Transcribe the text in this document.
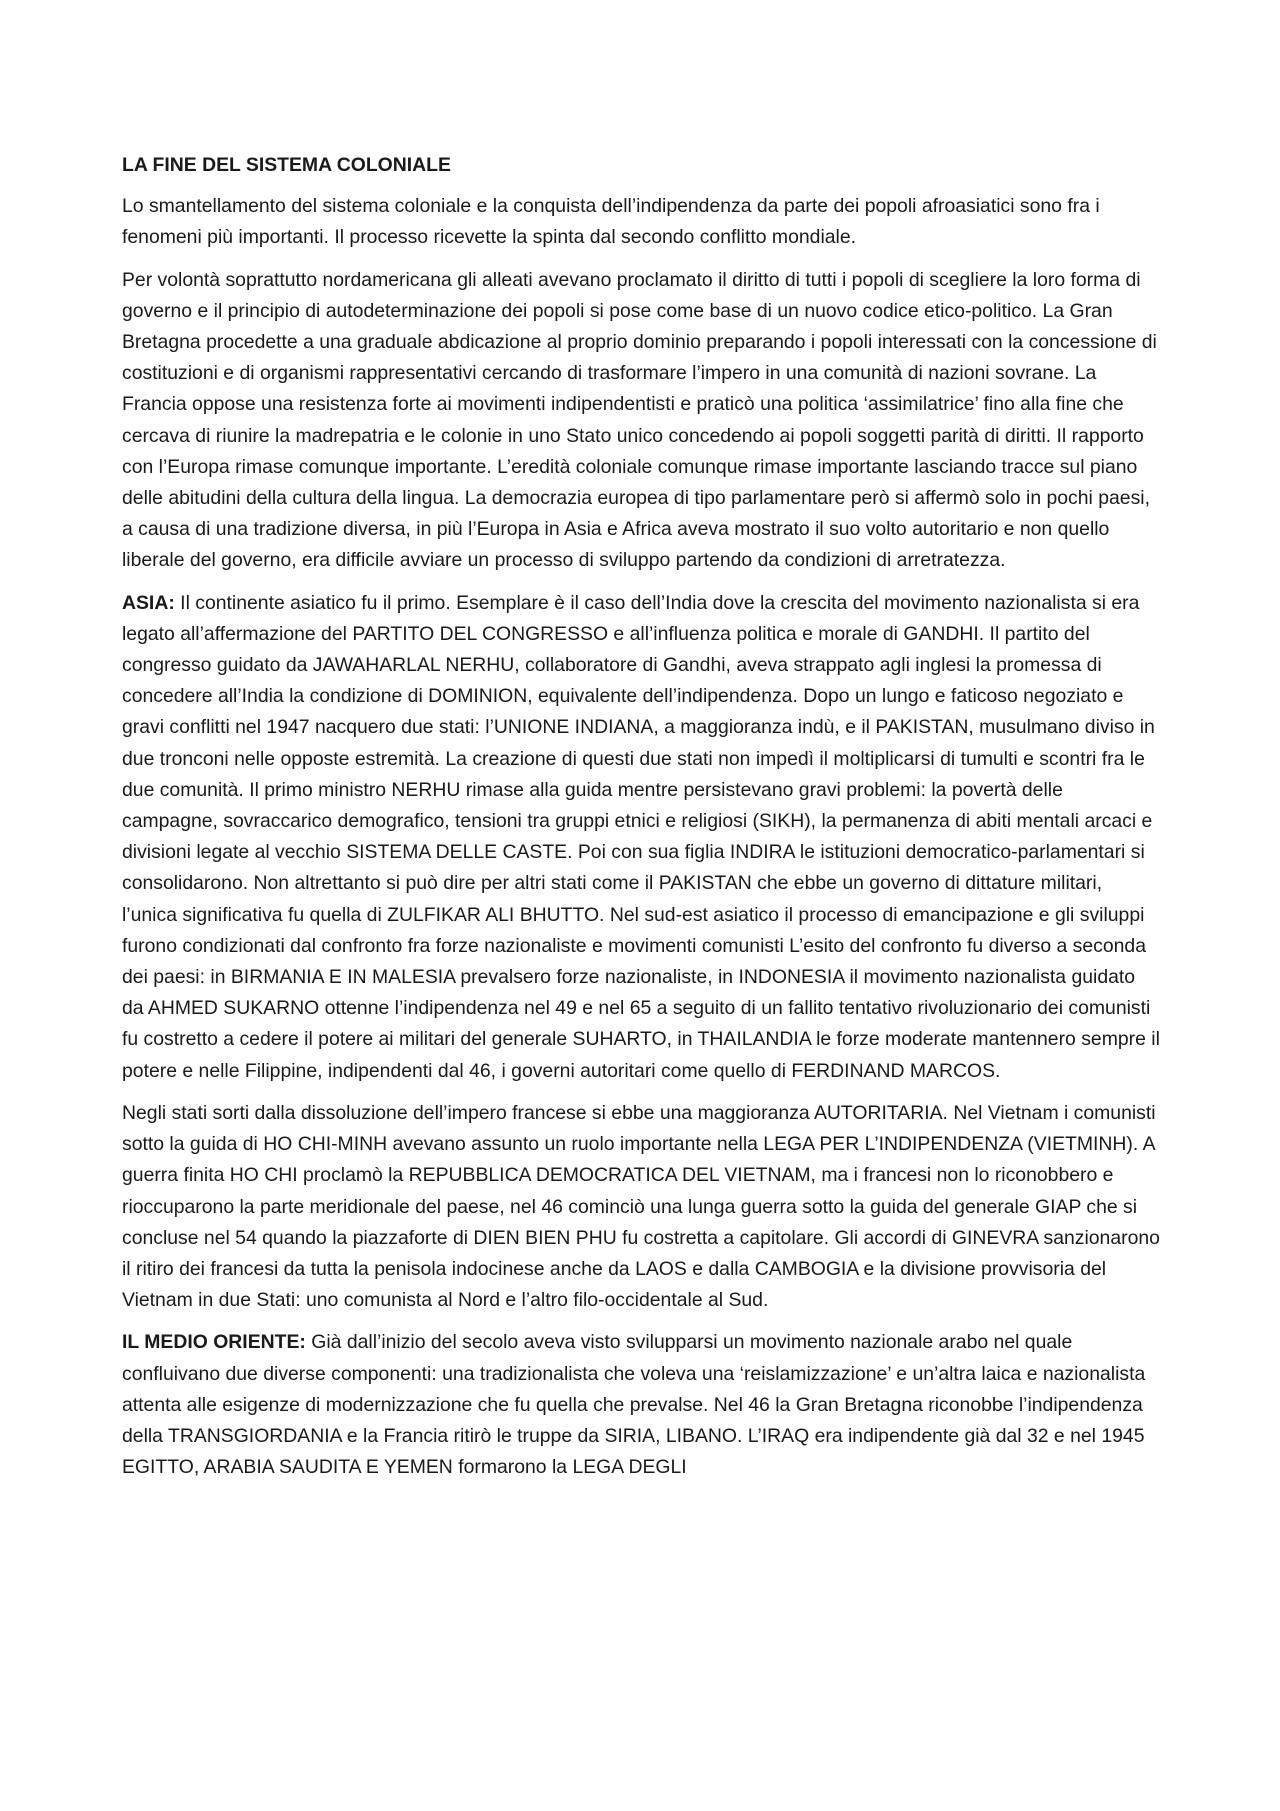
LA FINE DEL SISTEMA COLONIALE

Lo smantellamento del sistema coloniale e la conquista dell’indipendenza da parte dei popoli afroasiatici sono fra i fenomeni più importanti. Il processo ricevette la spinta dal secondo conflitto mondiale.

Per volontà soprattutto nordamericana gli alleati avevano proclamato il diritto di tutti i popoli di scegliere la loro forma di governo e il principio di autodeterminazione dei popoli si pose come base di un nuovo codice etico-politico. La Gran Bretagna procedette a una graduale abdicazione al proprio dominio preparando i popoli interessati con la concessione di costituzioni e di organismi rappresentativi cercando di trasformare l’impero in una comunità di nazioni sovrane. La Francia oppose una resistenza forte ai movimenti indipendentisti e praticò una politica ‘assimilatrice’ fino alla fine che cercava di riunire la madrepatria e le colonie in uno Stato unico concedendo ai popoli soggetti parità di diritti. Il rapporto con l’Europa rimase comunque importante. L’eredità coloniale comunque rimase importante lasciando tracce sul piano delle abitudini della cultura della lingua. La democrazia europea di tipo parlamentare però si affermò solo in pochi paesi, a causa di una tradizione diversa, in più l’Europa in Asia e Africa aveva mostrato il suo volto autoritario e non quello liberale del governo, era difficile avviare un processo di sviluppo partendo da condizioni di arretratezza.

ASIA: Il continente asiatico fu il primo. Esemplare è il caso dell’India dove la crescita del movimento nazionalista si era legato all’affermazione del PARTITO DEL CONGRESSO e all’influenza politica e morale di GANDHI. Il partito del congresso guidato da JAWAHARLAL NERHU, collaboratore di Gandhi, aveva strappato agli inglesi la promessa di concedere all’India la condizione di DOMINION, equivalente dell’indipendenza. Dopo un lungo e faticoso negoziato e gravi conflitti nel 1947 nacquero due stati: l’UNIONE INDIANA, a maggioranza indù, e il PAKISTAN, musulmano diviso in due tronconi nelle opposte estremità. La creazione di questi due stati non impedì il moltiplicarsi di tumulti e scontri fra le due comunità. Il primo ministro NERHU rimase alla guida mentre persistevano gravi problemi: la povertà delle campagne, sovraccarico demografico, tensioni tra gruppi etnici e religiosi (SIKH), la permanenza di abiti mentali arcaci e divisioni legate al vecchio SISTEMA DELLE CASTE. Poi con sua figlia INDIRA le istituzioni democratico-parlamentari si consolidarono. Non altrettanto si può dire per altri stati come il PAKISTAN che ebbe un governo di dittature militari, l’unica significativa fu quella di ZULFIKAR ALI BHUTTO. Nel sud-est asiatico il processo di emancipazione e gli sviluppi furono condizionati dal confronto fra forze nazionaliste e movimenti comunisti L’esito del confronto fu diverso a seconda dei paesi: in BIRMANIA E IN MALESIA prevalsero forze nazionaliste, in INDONESIA il movimento nazionalista guidato da AHMED SUKARNO ottenne l’indipendenza nel 49 e nel 65 a seguito di un fallito tentativo rivoluzionario dei comunisti fu costretto a cedere il potere ai militari del generale SUHARTO, in THAILANDIA le forze moderate mantennero sempre il potere e nelle Filippine, indipendenti dal 46, i governi autoritari come quello di FERDINAND MARCOS.

Negli stati sorti dalla dissoluzione dell’impero francese si ebbe una maggioranza AUTORITARIA. Nel Vietnam i comunisti sotto la guida di HO CHI-MINH avevano assunto un ruolo importante nella LEGA PER L’INDIPENDENZA (VIETMINH). A guerra finita HO CHI proclamò la REPUBBLICA DEMOCRATICA DEL VIETNAM, ma i francesi non lo riconobbero e rioccuparono la parte meridionale del paese, nel 46 cominciò una lunga guerra sotto la guida del generale GIAP che si concluse nel 54 quando la piazzaforte di DIEN BIEN PHU fu costretta a capitolare. Gli accordi di GINEVRA sanzionarono il ritiro dei francesi da tutta la penisola indocinese anche da LAOS e dalla CAMBOGIA e la divisione provvisoria del Vietnam in due Stati: uno comunista al Nord e l’altro filo-occidentale al Sud.

IL MEDIO ORIENTE: Già dall’inizio del secolo aveva visto svilupparsi un movimento nazionale arabo nel quale confluivano due diverse componenti: una tradizionalista che voleva una ‘reislamizzazione’ e un’altra laica e nazionalista attenta alle esigenze di modernizzazione che fu quella che prevalse. Nel 46 la Gran Bretagna riconobbe l’indipendenza della TRANSGIORDANIA e la Francia ritirò le truppe da SIRIA, LIBANO. L’IRAQ era indipendente già dal 32 e nel 1945 EGITTO, ARABIA SAUDITA E YEMEN formarono la LEGA DEGLI
